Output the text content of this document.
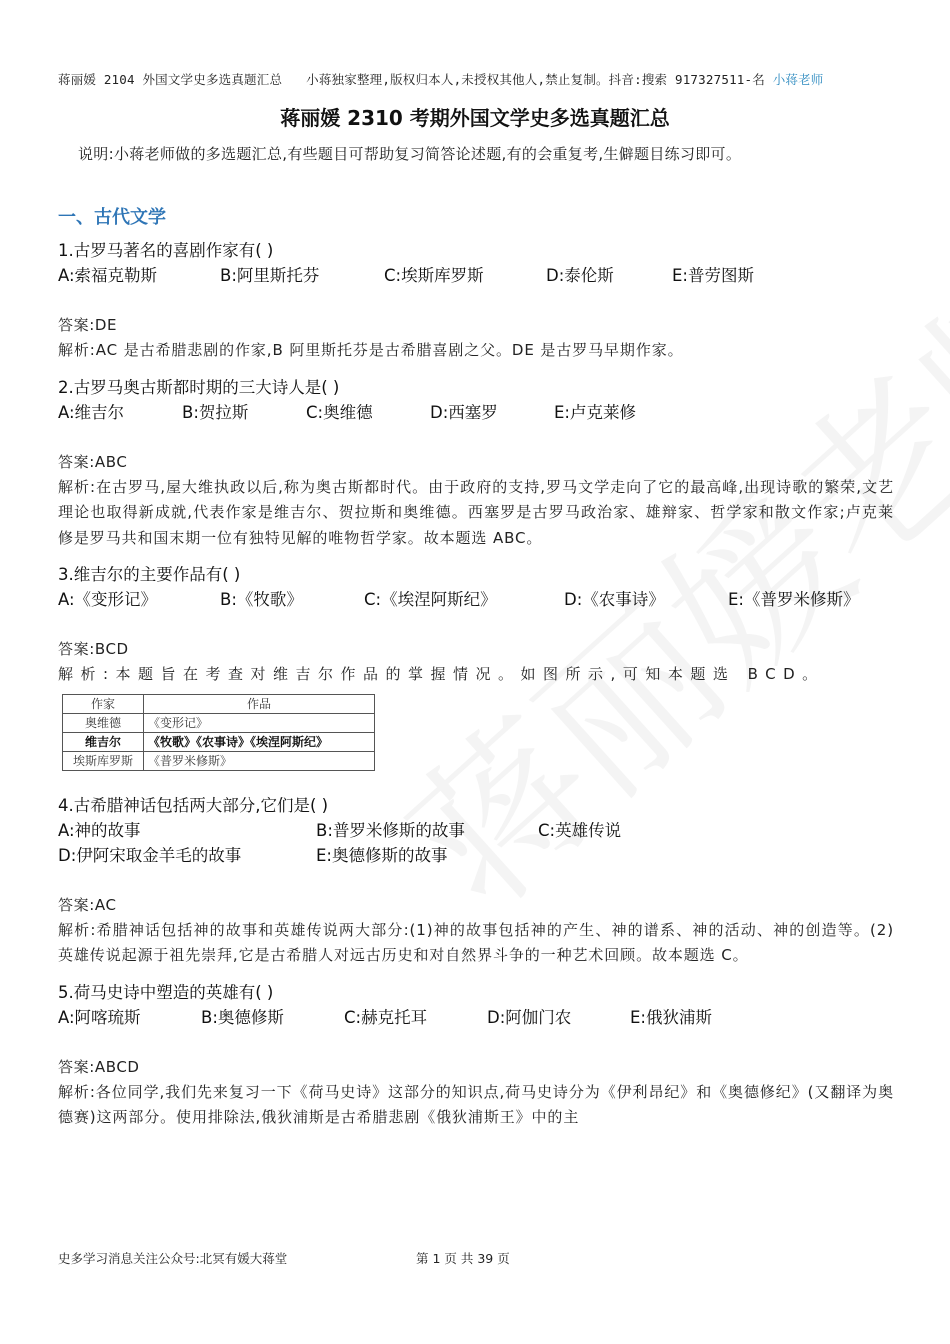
蒋丽媛 2104 外国文学史多选真题汇总 小蒋独家整理,版权归本人,未授权其他人,禁止复制。抖音:搜索 917327511-名 小蒋老师
蒋丽媛 2310 考期外国文学史多选真题汇总
说明:小蒋老师做的多选题汇总,有些题目可帮助复习简答论述题,有的会重复考,生僻题目练习即可。
一、古代文学
1.古罗马著名的喜剧作家有( )
A:索福克勒斯	B:阿里斯托芬	C:埃斯库罗斯	D:泰伦斯	E:普劳图斯
答案:DE
解析:AC 是古希腊悲剧的作家,B 阿里斯托芬是古希腊喜剧之父。DE 是古罗马早期作家。
2.古罗马奥古斯都时期的三大诗人是( )
A:维吉尔	B:贺拉斯	C:奥维德	D:西塞罗	E:卢克莱修
答案:ABC
解析:在古罗马,屋大维执政以后,称为奥古斯都时代。由于政府的支持,罗马文学走向了它的最高峰,出现诗歌的繁荣,文艺理论也取得新成就,代表作家是维吉尔、贺拉斯和奥维德。西塞罗是古罗马政治家、雄辩家、哲学家和散文作家;卢克莱修是罗马共和国末期一位有独特见解的唯物哲学家。故本题选 ABC。
3.维吉尔的主要作品有( )
A:《变形记》	B:《牧歌》	C:《埃涅阿斯纪》	D:《农事诗》	E:《普罗米修斯》
答案:BCD
解析:本题旨在考查对维吉尔作品的掌握情况。如图所示,可知本题选 BCD。
作家	作品
奥维德	《变形记》
维吉尔	《牧歌》《农事诗》《埃涅阿斯纪》
埃斯库罗斯	《普罗米修斯》
4.古希腊神话包括两大部分,它们是( )
A:神的故事	B:普罗米修斯的故事	C:英雄传说
D:伊阿宋取金羊毛的故事	E:奥德修斯的故事
答案:AC
解析:希腊神话包括神的故事和英雄传说两大部分:(1)神的故事包括神的产生、神的谱系、神的活动、神的创造等。(2)英雄传说起源于祖先崇拜,它是古希腊人对远古历史和对自然界斗争的一种艺术回顾。故本题选 C。
5.荷马史诗中塑造的英雄有( )
A:阿喀琉斯	B:奥德修斯	C:赫克托耳	D:阿伽门农	E:俄狄浦斯
答案:ABCD
解析:各位同学,我们先来复习一下《荷马史诗》这部分的知识点,荷马史诗分为《伊利昂纪》和《奥德修纪》(又翻译为奥德赛)这两部分。使用排除法,俄狄浦斯是古希腊悲剧《俄狄浦斯王》中的主
史多学习消息关注公众号:北冥有媛大蒋堂	第 1 页 共 39 页
